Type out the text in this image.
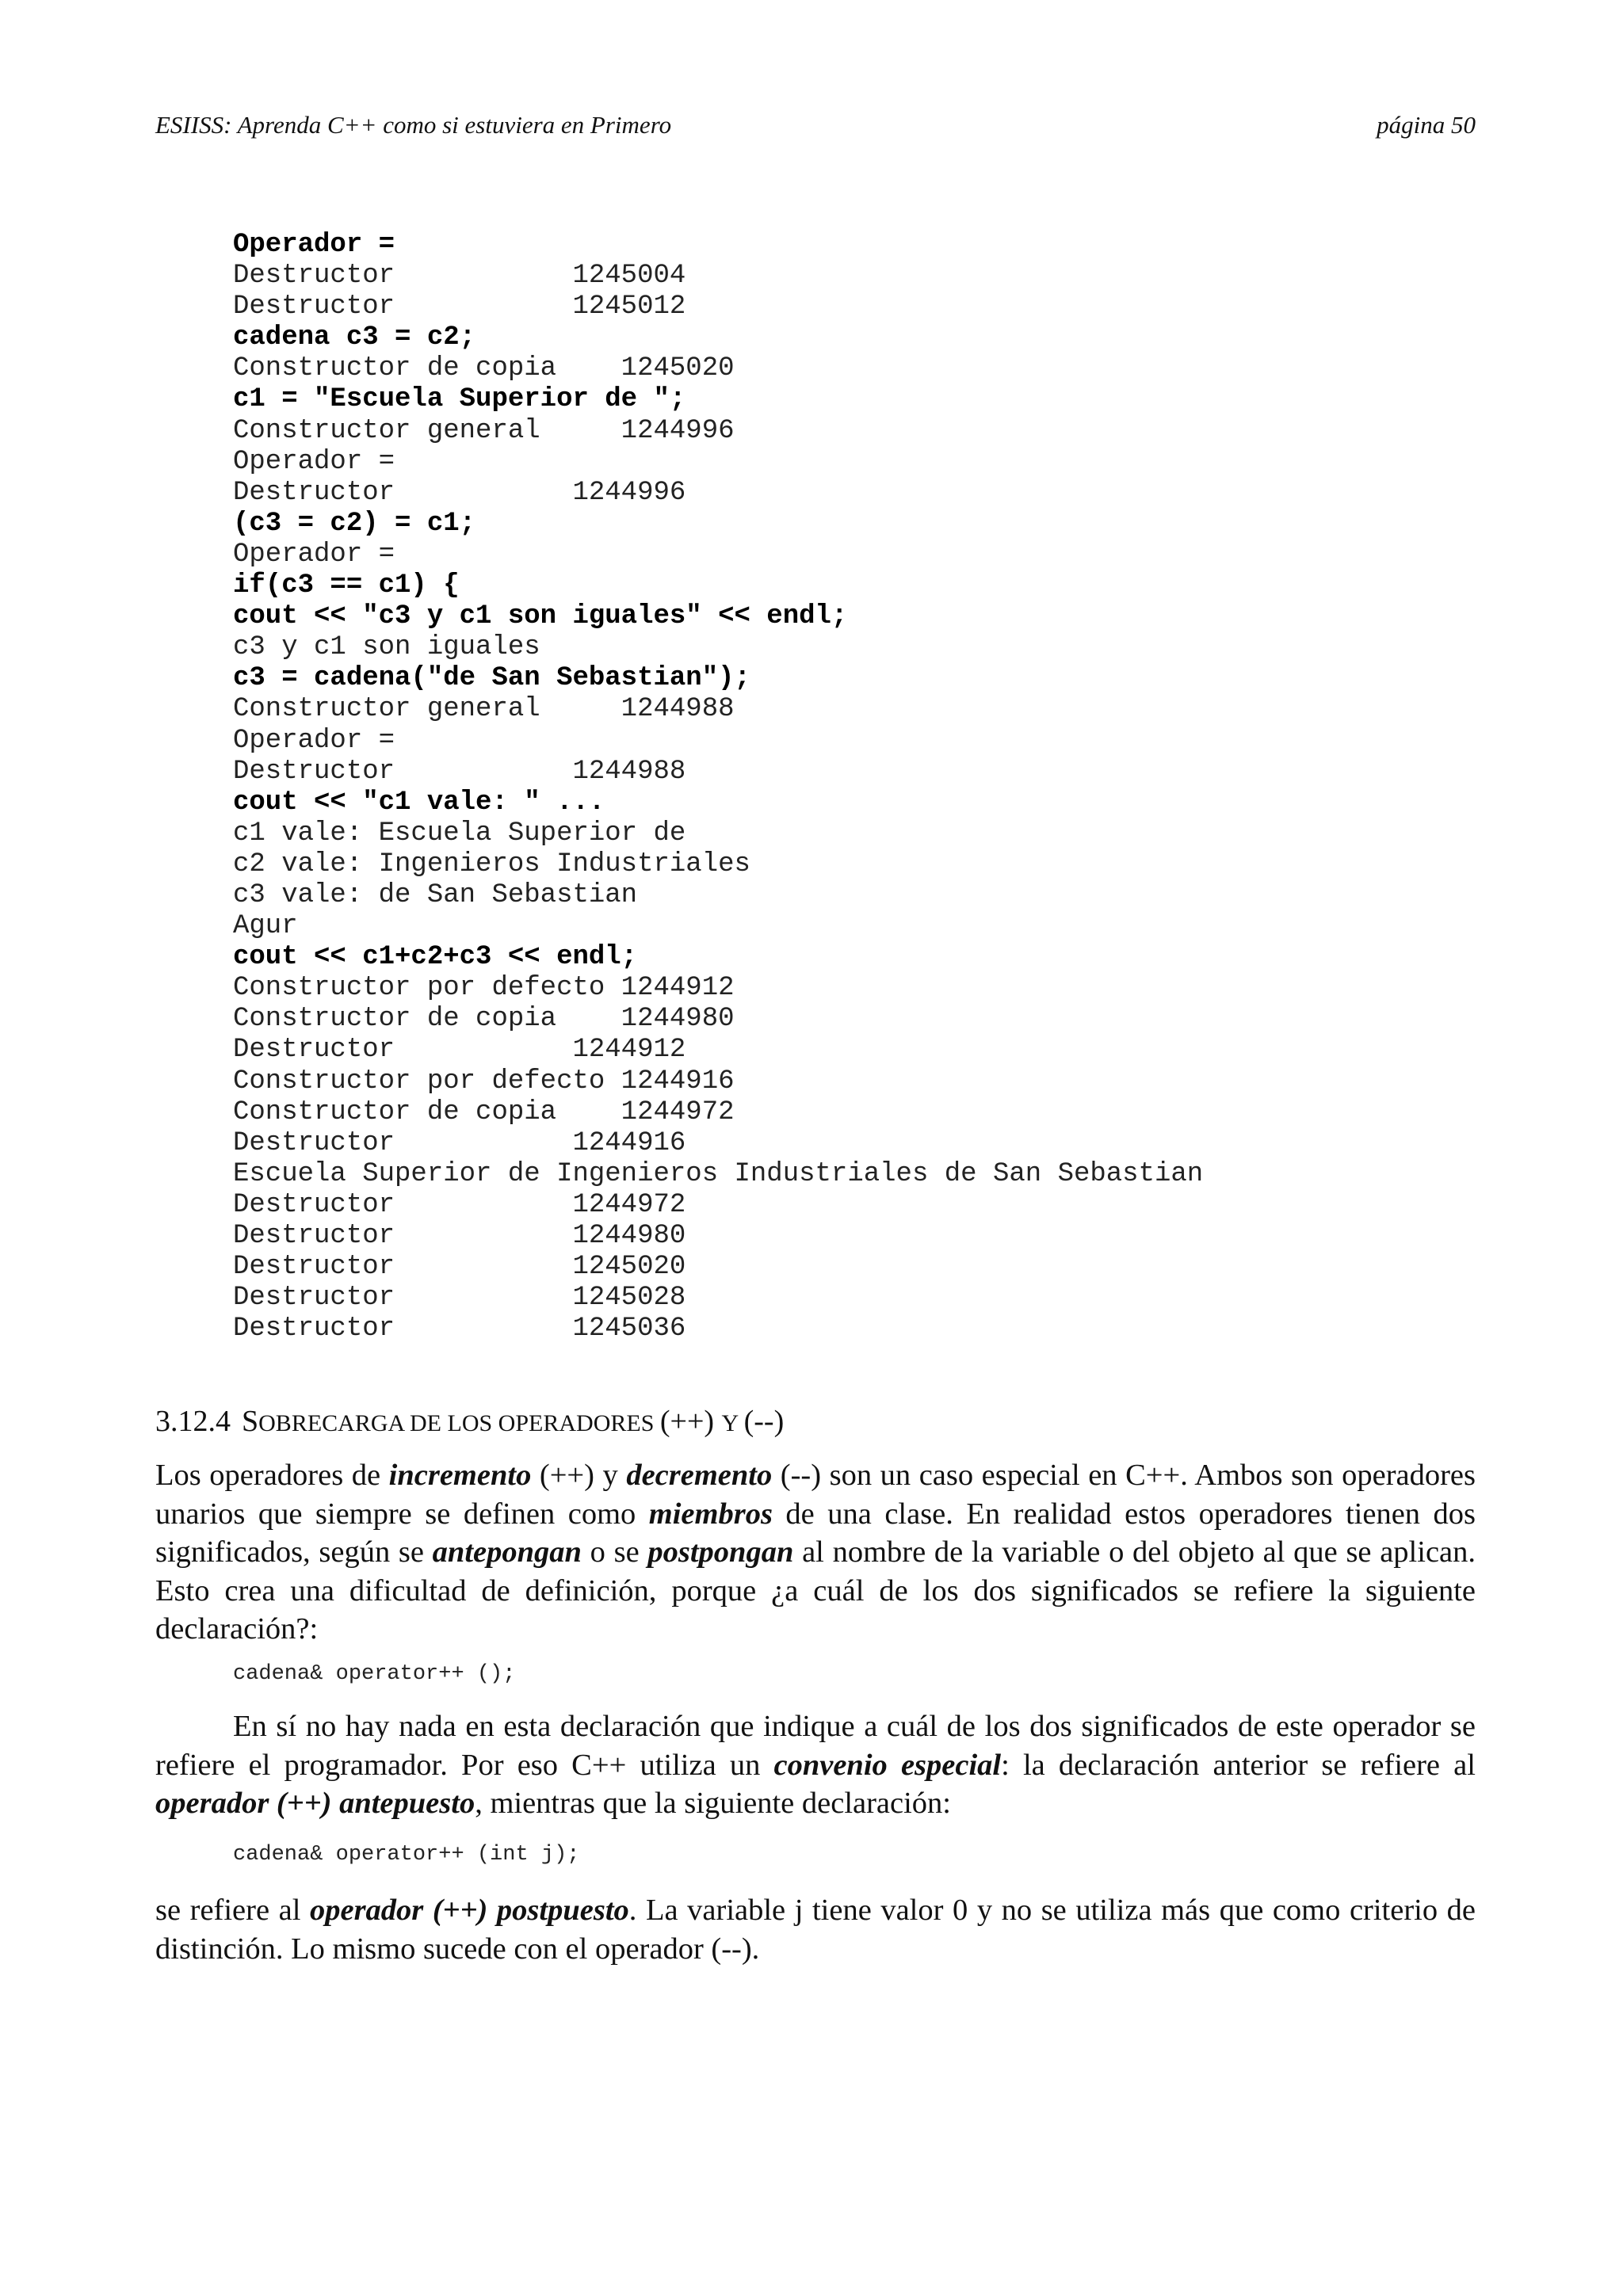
ESIISS: Aprenda C++ como si estuviera en Primero	página 50
Operador =
Destructor           1245004
Destructor           1245012
cadena c3 = c2;
Constructor de copia    1245020
c1 = "Escuela Superior de ";
Constructor general     1244996
Operador =
Destructor           1244996
(c3 = c2) = c1;
Operador =
if(c3 == c1) {
cout << "c3 y c1 son iguales" << endl;
c3 y c1 son iguales
c3 = cadena("de San Sebastian");
Constructor general     1244988
Operador =
Destructor           1244988
cout << "c1 vale: " ...
c1 vale: Escuela Superior de
c2 vale: Ingenieros Industriales
c3 vale: de San Sebastian
Agur
cout << c1+c2+c3 << endl;
Constructor por defecto 1244912
Constructor de copia    1244980
Destructor           1244912
Constructor por defecto 1244916
Constructor de copia    1244972
Destructor           1244916
Escuela Superior de Ingenieros Industriales de San Sebastian
Destructor           1244972
Destructor           1244980
Destructor           1245020
Destructor           1245028
Destructor           1245036
3.12.4 SOBRECARGA DE LOS OPERADORES (++) Y (--)
Los operadores de incremento (++) y decremento (--) son un caso especial en C++. Ambos son operadores unarios que siempre se definen como miembros de una clase. En realidad estos operadores tienen dos significados, según se antepongan o se postpongan al nombre de la variable o del objeto al que se aplican. Esto crea una dificultad de definición, porque ¿a cuál de los dos significados se refiere la siguiente declaración?:
cadena& operator++ ();
En sí no hay nada en esta declaración que indique a cuál de los dos significados de este operador se refiere el programador. Por eso C++ utiliza un convenio especial: la declaración anterior se refiere al operador (++) antepuesto, mientras que la siguiente declaración:
cadena& operator++ (int j);
se refiere al operador (++) postpuesto. La variable j tiene valor 0 y no se utiliza más que como criterio de distinción. Lo mismo sucede con el operador (--).
